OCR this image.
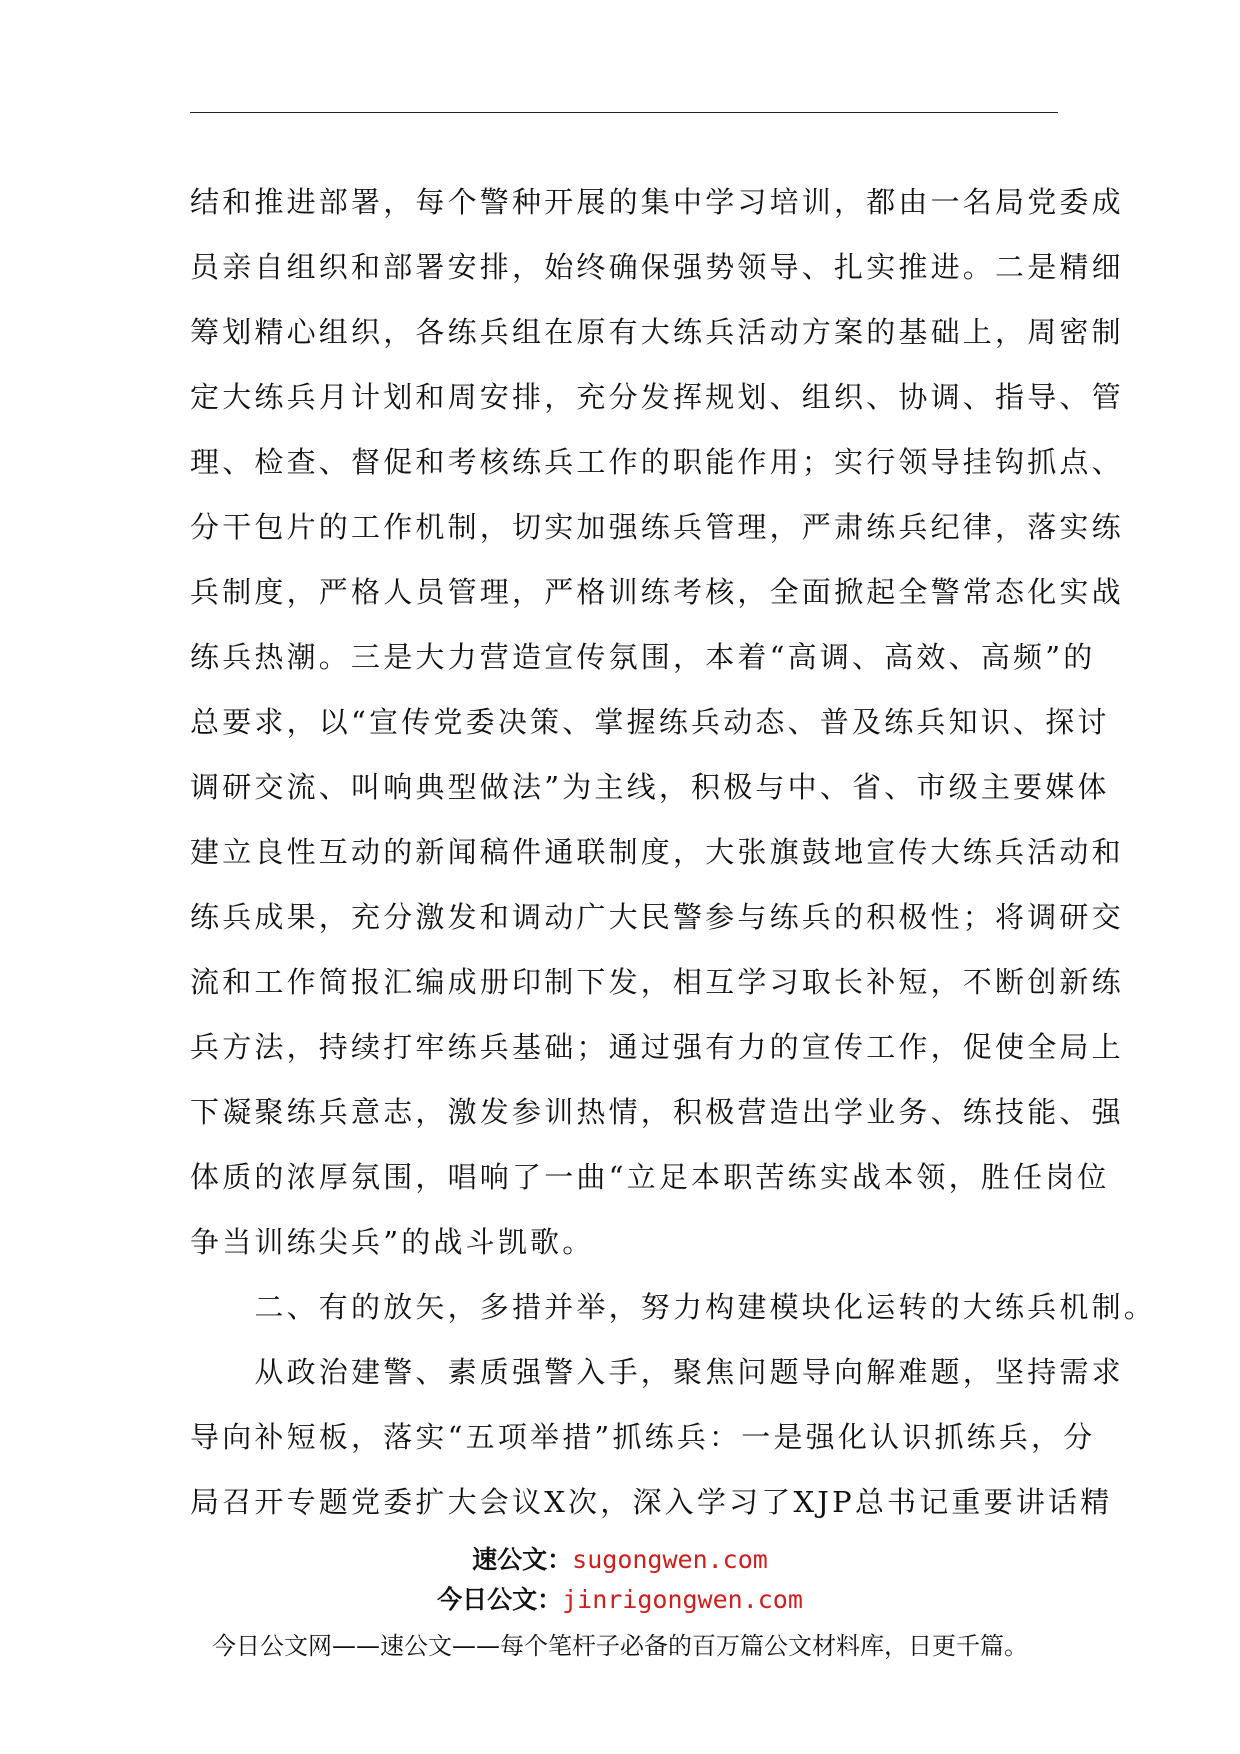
结和推进部署，每个警种开展的集中学习培训，都由一名局党委成
员亲自组织和部署安排，始终确保强势领导、扎实推进。二是精细
筹划精心组织，各练兵组在原有大练兵活动方案的基础上，周密制
定大练兵月计划和周安排，充分发挥规划、组织、协调、指导、管
理、检查、督促和考核练兵工作的职能作用；实行领导挂钩抓点、
分干包片的工作机制，切实加强练兵管理，严肃练兵纪律，落实练
兵制度，严格人员管理，严格训练考核，全面掀起全警常态化实战
练兵热潮。三是大力营造宣传氛围，本着“高调、高效、高频”的
总要求，以“宣传党委决策、掌握练兵动态、普及练兵知识、探讨
调研交流、叫响典型做法”为主线，积极与中、省、市级主要媒体
建立良性互动的新闻稿件通联制度，大张旗鼓地宣传大练兵活动和
练兵成果，充分激发和调动广大民警参与练兵的积极性；将调研交
流和工作简报汇编成册印制下发，相互学习取长补短，不断创新练
兵方法，持续打牢练兵基础；通过强有力的宣传工作，促使全局上
下凝聚练兵意志，激发参训热情，积极营造出学业务、练技能、强
体质的浓厚氛围，唱响了一曲“立足本职苦练实战本领，胜任岗位
争当训练尖兵”的战斗凯歌。
　　二、有的放矢，多措并举，努力构建模块化运转的大练兵机制。
　　从政治建警、素质强警入手，聚焦问题导向解难题，坚持需求
导向补短板，落实“五项举措”抓练兵：一是强化认识抓练兵，分
局召开专题党委扩大会议X次，深入学习了XJP总书记重要讲话精
速公文：sugongwen.com
今日公文：jinrigongwen.com
今日公文网——速公文——每个笔杆子必备的百万篇公文材料库，日更千篇。
